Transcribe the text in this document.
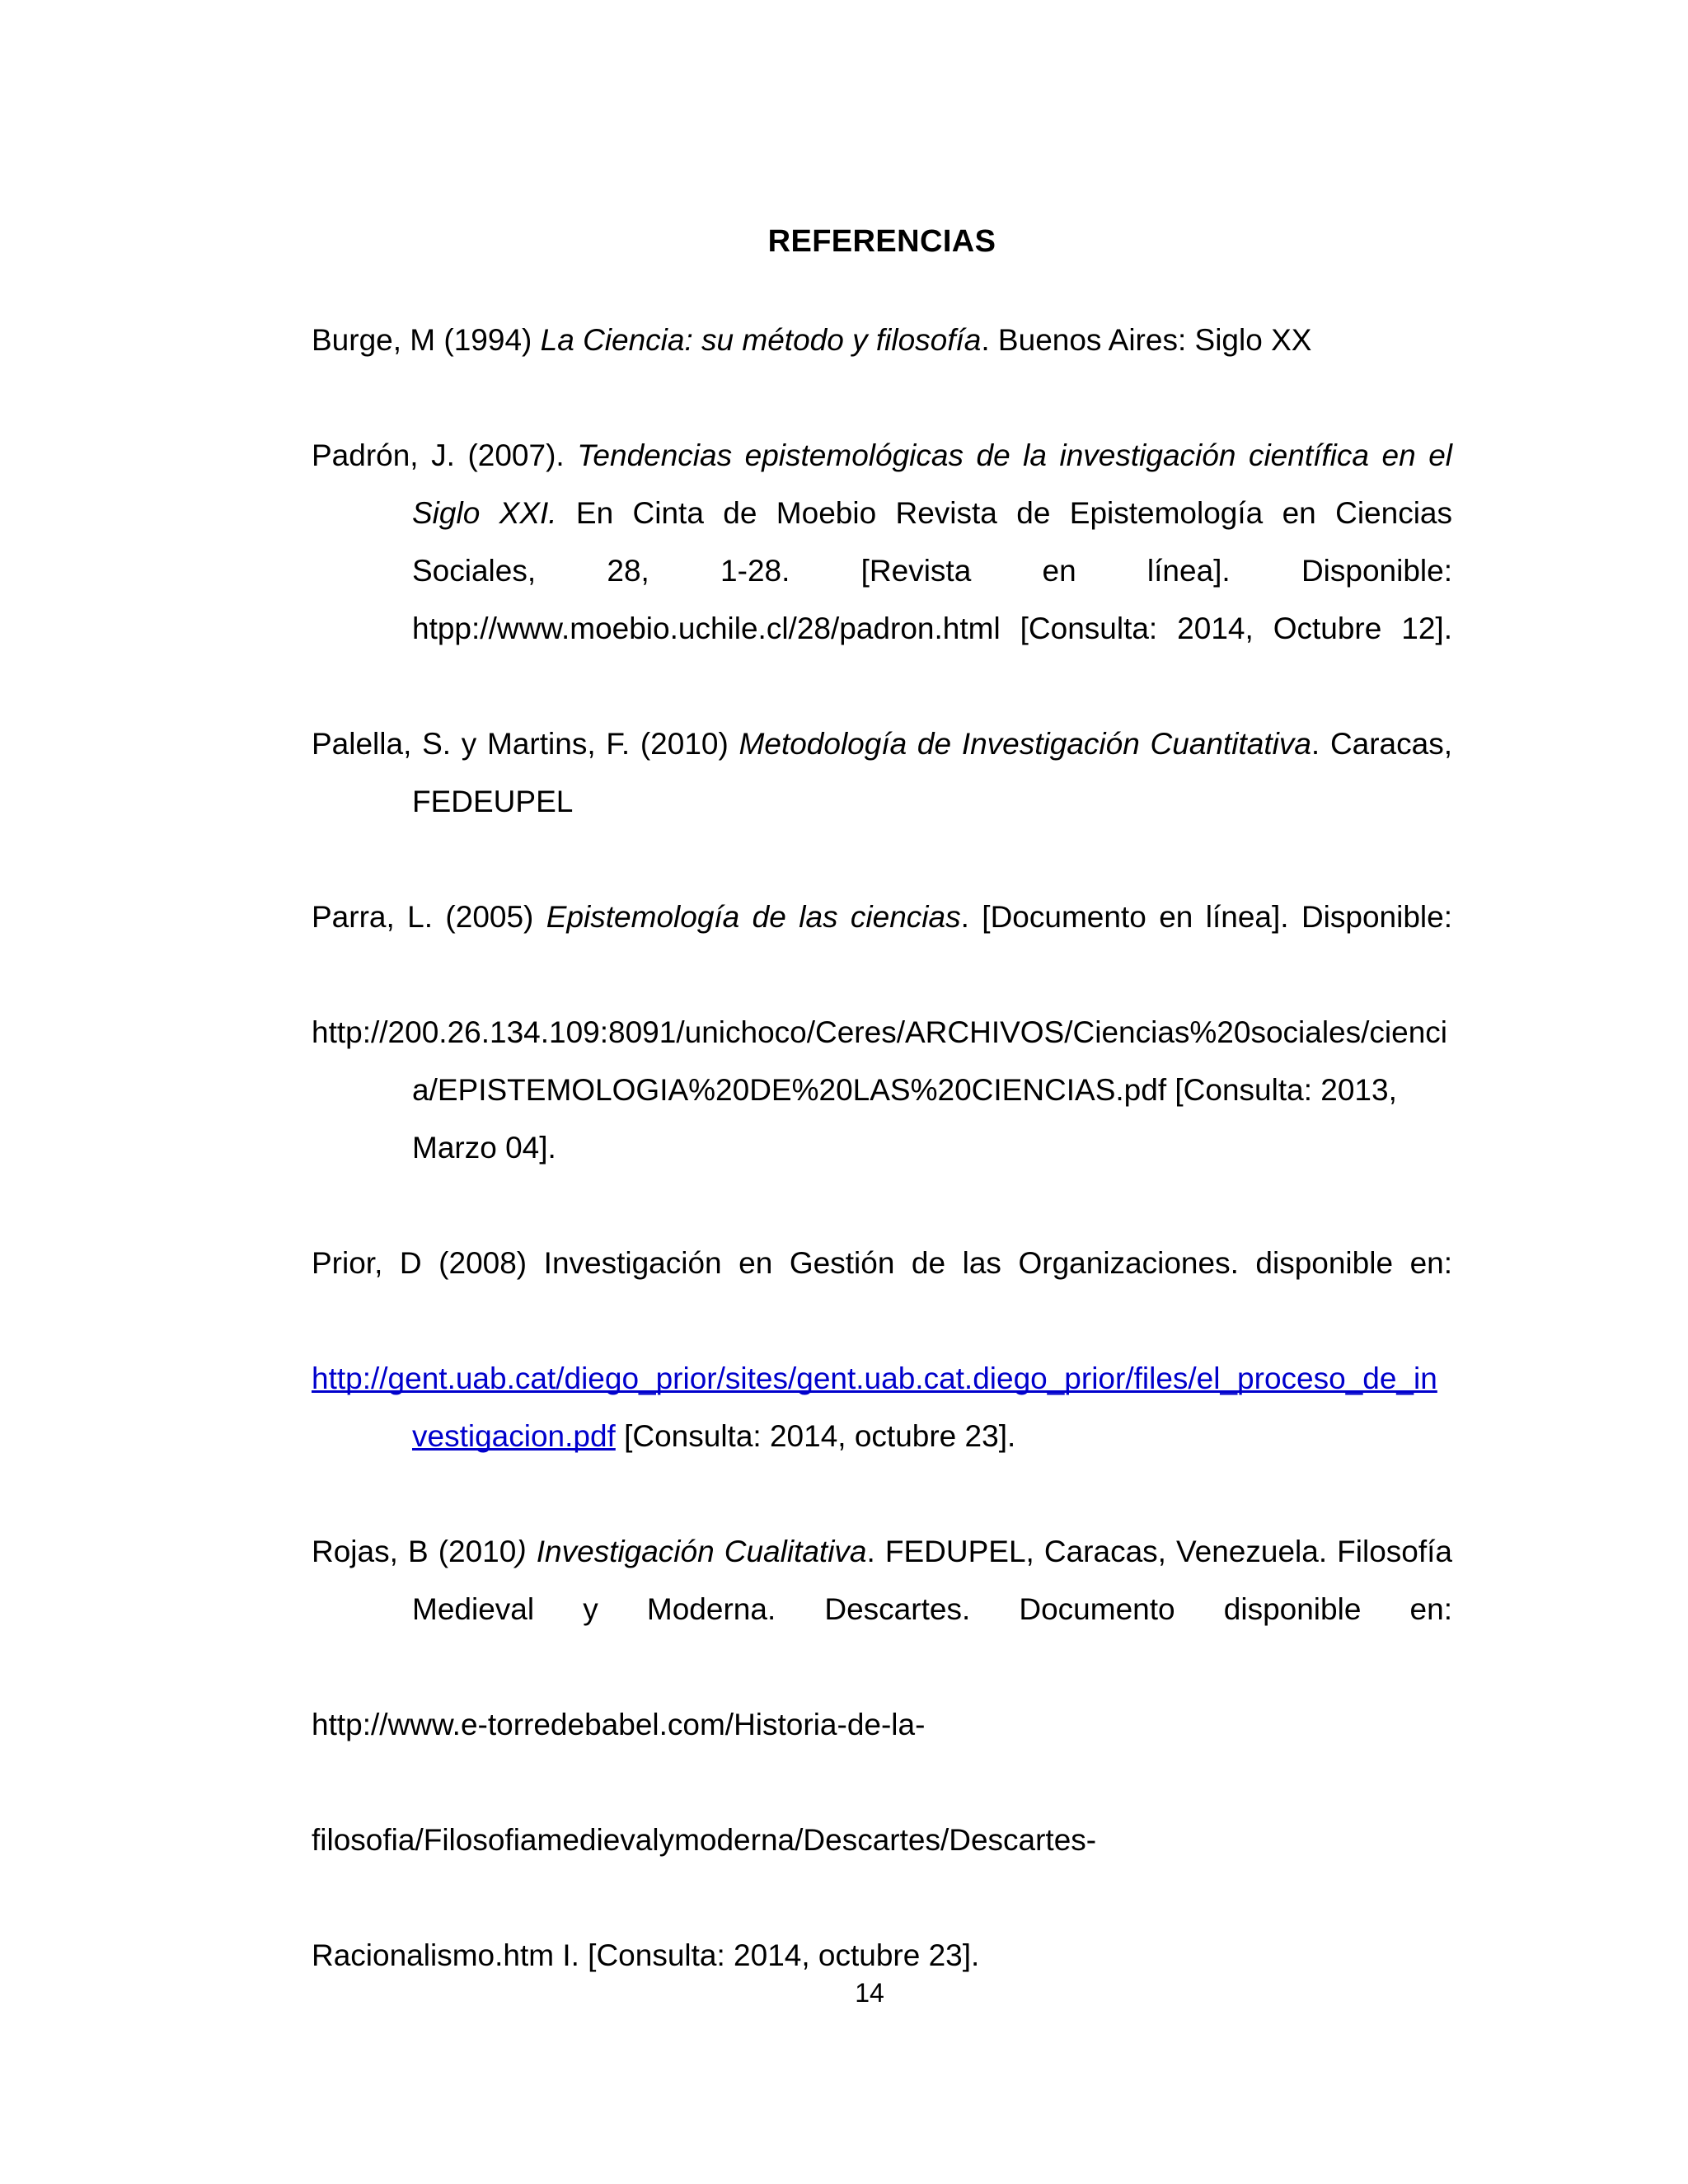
REFERENCIAS

Burge, M (1994) La Ciencia: su método y filosofía. Buenos Aires: Siglo XX

Padrón, J. (2007). Tendencias epistemológicas de la investigación científica en el Siglo XXI. En Cinta de Moebio Revista de Epistemología en Ciencias Sociales, 28, 1-28. [Revista en línea]. Disponible: htpp://www.moebio.uchile.cl/28/padron.html [Consulta: 2014, Octubre 12].

Palella, S. y Martins, F. (2010) Metodología de Investigación Cuantitativa. Caracas, FEDEUPEL

Parra, L. (2005) Epistemología de las ciencias. [Documento en línea]. Disponible:

http://200.26.134.109:8091/unichoco/Ceres/ARCHIVOS/Ciencias%20sociales/ciencia/EPISTEMOLOGIA%20DE%20LAS%20CIENCIAS.pdf [Consulta: 2013, Marzo 04].

Prior, D (2008) Investigación en Gestión de las Organizaciones. disponible en:

http://gent.uab.cat/diego_prior/sites/gent.uab.cat.diego_prior/files/el_proceso_de_investigacion.pdf [Consulta: 2014, octubre 23].

Rojas, B (2010) Investigación Cualitativa. FEDUPEL, Caracas, Venezuela. Filosofía Medieval y Moderna. Descartes. Documento disponible en:

http://www.e-torredebabel.com/Historia-de-la-

filosofia/Filosofiamedievalymoderna/Descartes/Descartes-

Racionalismo.htm I. [Consulta: 2014, octubre 23].

14
